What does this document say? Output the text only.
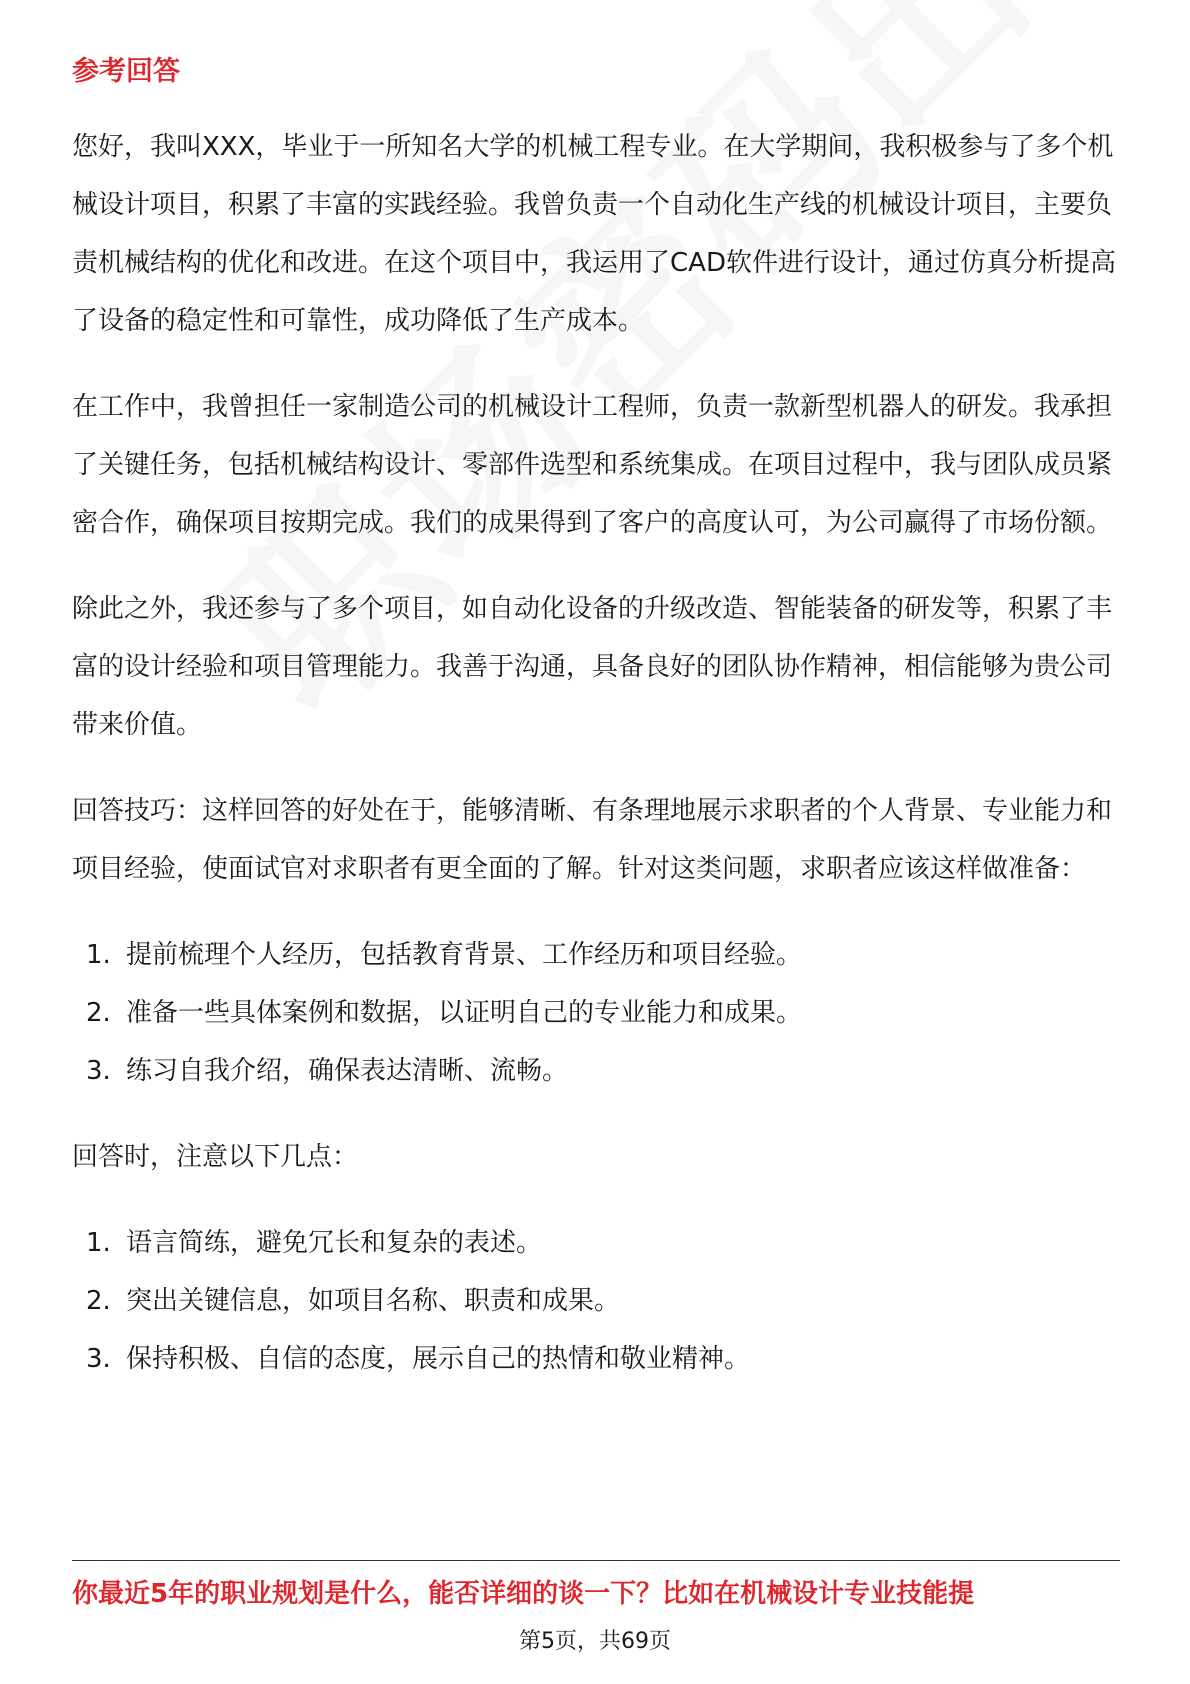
参考回答

您好，我叫XXX，毕业于一所知名大学的机械工程专业。在大学期间，我积极参与了多个机械设计项目，积累了丰富的实践经验。我曾负责一个自动化生产线的机械设计项目，主要负责机械结构的优化和改进。在这个项目中，我运用了CAD软件进行设计，通过仿真分析提高了设备的稳定性和可靠性，成功降低了生产成本。

在工作中，我曾担任一家制造公司的机械设计工程师，负责一款新型机器人的研发。我承担了关键任务，包括机械结构设计、零部件选型和系统集成。在项目过程中，我与团队成员紧密合作，确保项目按期完成。我们的成果得到了客户的高度认可，为公司赢得了市场份额。

除此之外，我还参与了多个项目，如自动化设备的升级改造、智能装备的研发等，积累了丰富的设计经验和项目管理能力。我善于沟通，具备良好的团队协作精神，相信能够为贵公司带来价值。

回答技巧：这样回答的好处在于，能够清晰、有条理地展示求职者的个人背景、专业能力和项目经验，使面试官对求职者有更全面的了解。针对这类问题，求职者应该这样做准备：

1. 提前梳理个人经历，包括教育背景、工作经历和项目经验。
2. 准备一些具体案例和数据，以证明自己的专业能力和成果。
3. 练习自我介绍，确保表达清晰、流畅。

回答时，注意以下几点：

1. 语言简练，避免冗长和复杂的表述。
2. 突出关键信息，如项目名称、职责和成果。
3. 保持积极、自信的态度，展示自己的热情和敬业精神。
你最近5年的职业规划是什么，能否详细的谈一下？比如在机械设计专业技能提
第5页，共69页
